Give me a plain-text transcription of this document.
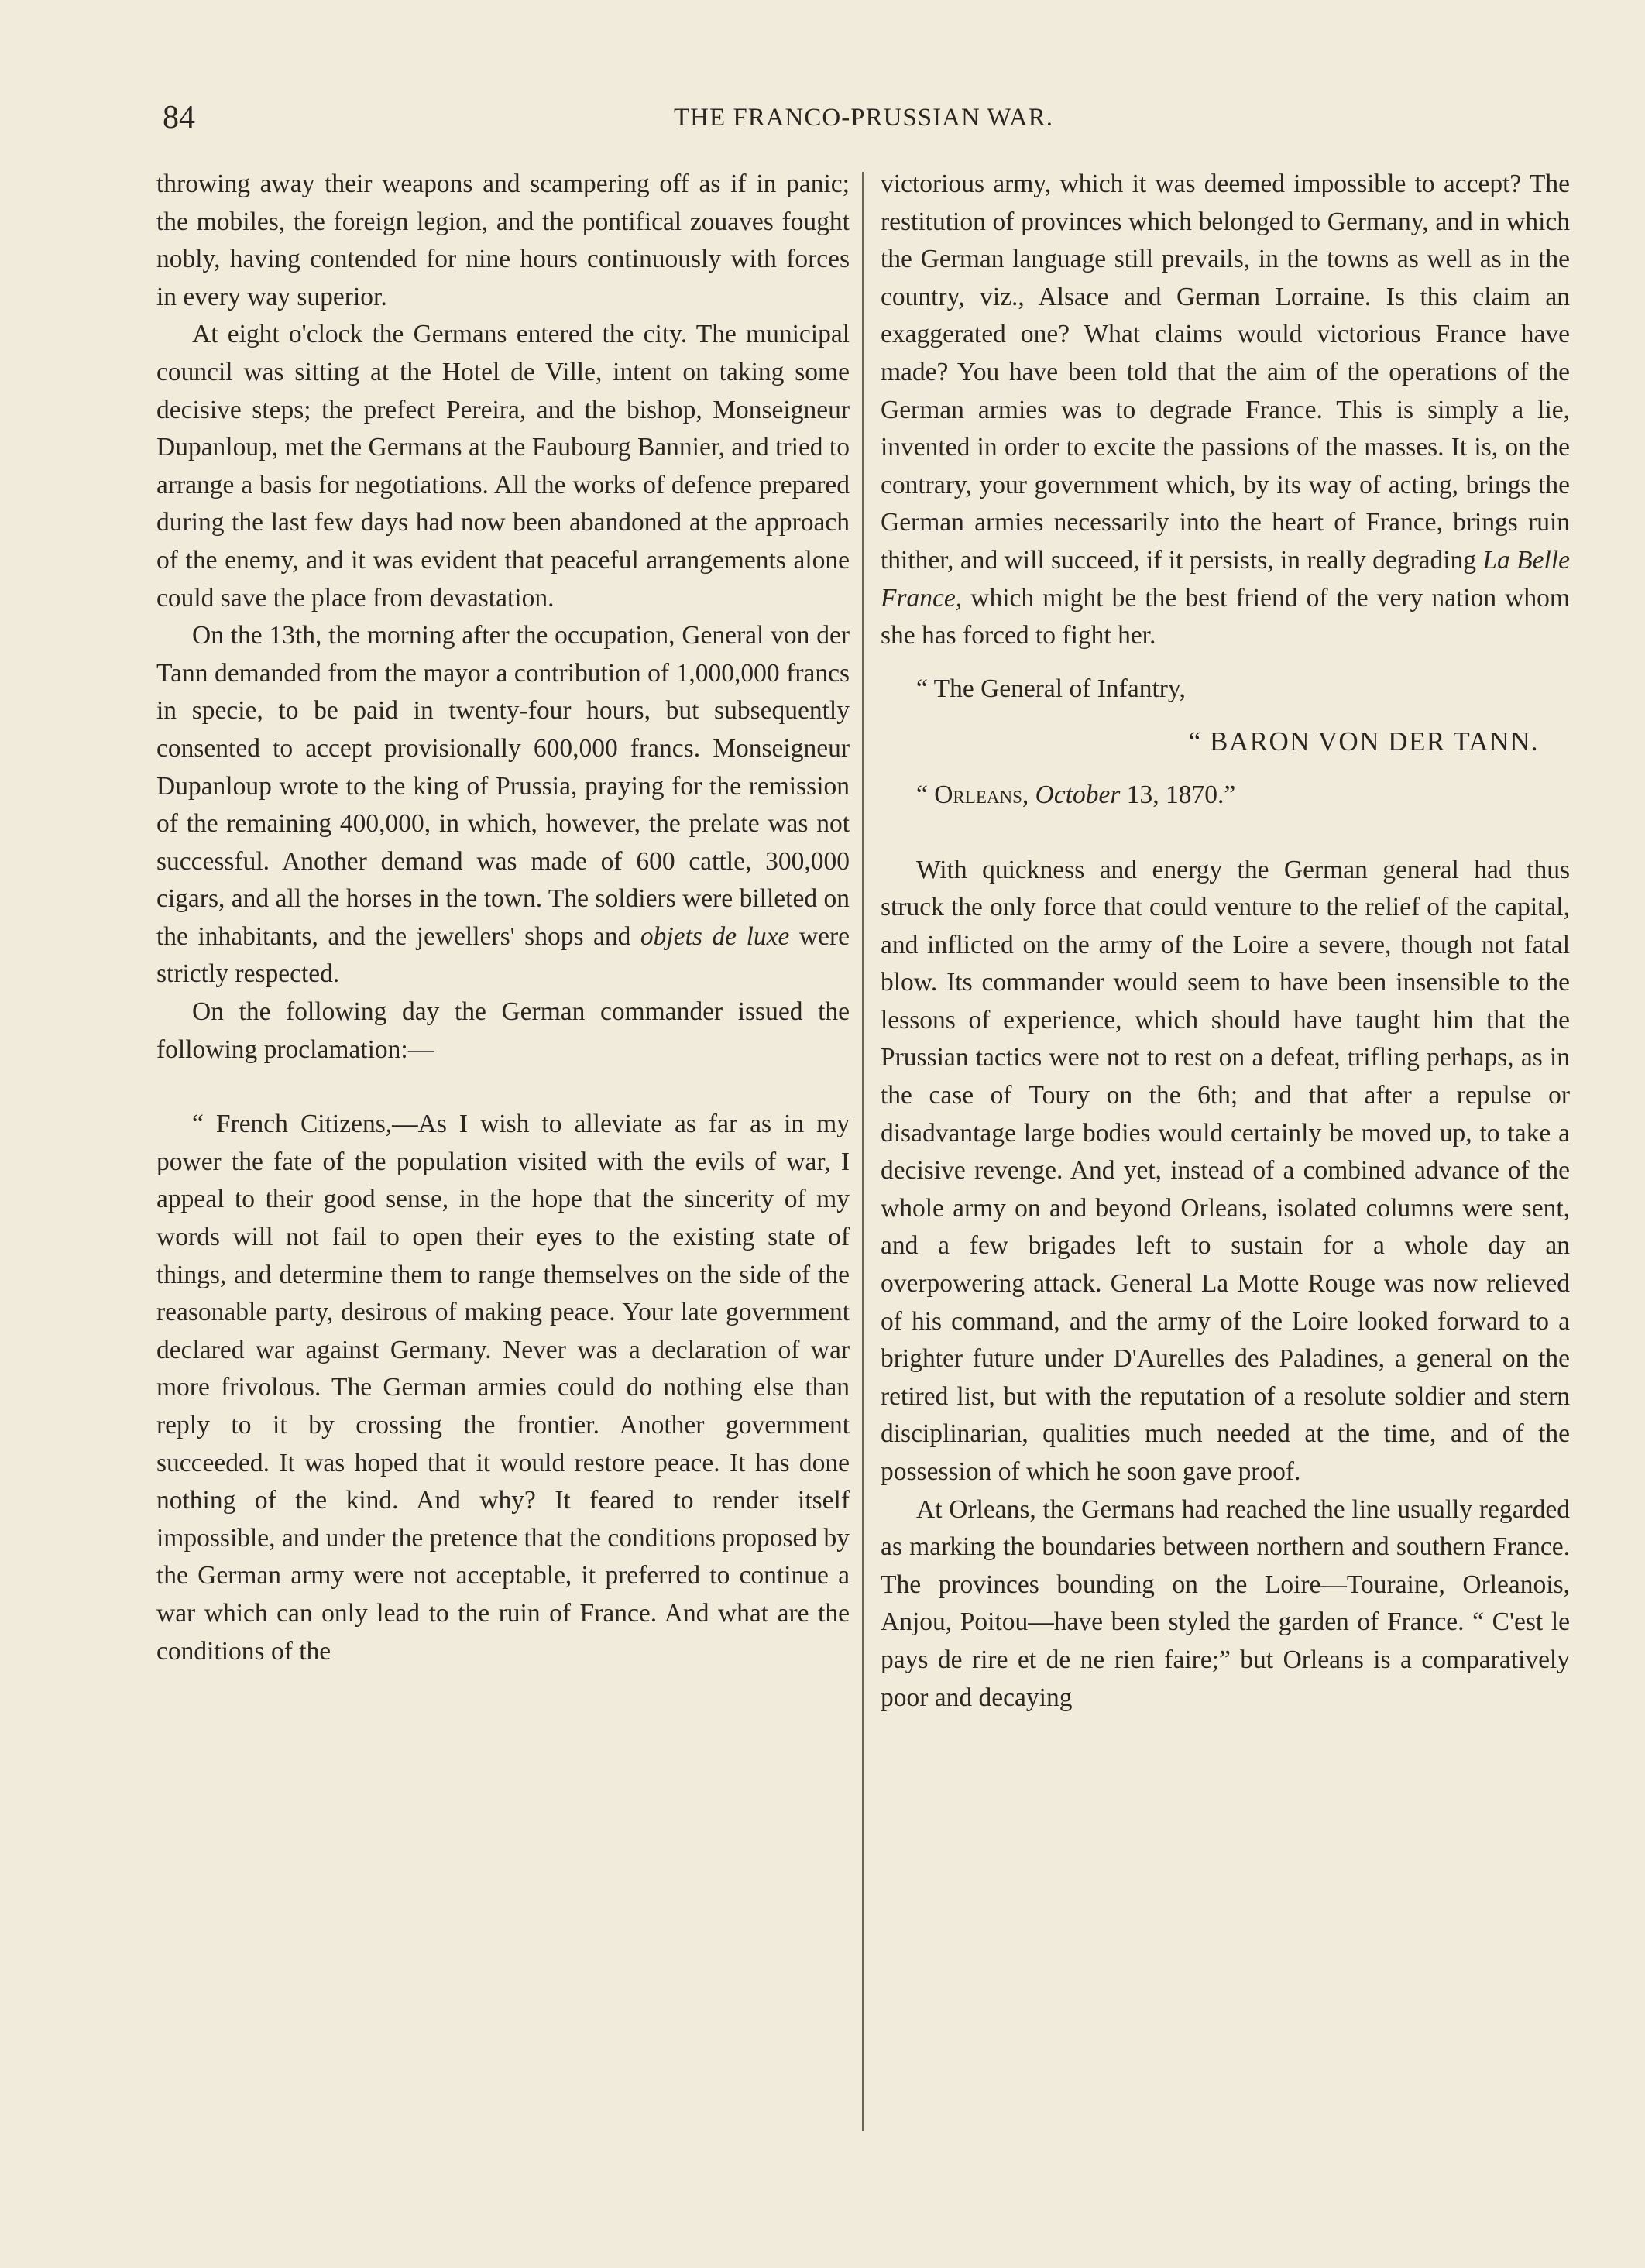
84	THE FRANCO-PRUSSIAN WAR.

throwing away their weapons and scampering off as if in panic; the mobiles, the foreign legion, and the pontifical zouaves fought nobly, having contended for nine hours continuously with forces in every way superior.

At eight o'clock the Germans entered the city. The municipal council was sitting at the Hotel de Ville, intent on taking some decisive steps; the prefect Pereira, and the bishop, Monseigneur Dupanloup, met the Germans at the Faubourg Bannier, and tried to arrange a basis for negotiations. All the works of defence prepared during the last few days had now been abandoned at the approach of the enemy, and it was evident that peaceful arrangements alone could save the place from devastation.

On the 13th, the morning after the occupation, General von der Tann demanded from the mayor a contribution of 1,000,000 francs in specie, to be paid in twenty-four hours, but subsequently consented to accept provisionally 600,000 francs. Monseigneur Dupanloup wrote to the king of Prussia, praying for the remission of the remaining 400,000, in which, however, the prelate was not successful. Another demand was made of 600 cattle, 300,000 cigars, and all the horses in the town. The soldiers were billeted on the inhabitants, and the jewellers' shops and objets de luxe were strictly respected.

On the following day the German commander issued the following proclamation:—

“ French Citizens,—As I wish to alleviate as far as in my power the fate of the population visited with the evils of war, I appeal to their good sense, in the hope that the sincerity of my words will not fail to open their eyes to the existing state of things, and determine them to range themselves on the side of the reasonable party, desirous of making peace. Your late government declared war against Germany. Never was a declaration of war more frivolous. The German armies could do nothing else than reply to it by crossing the frontier. Another government succeeded. It was hoped that it would restore peace. It has done nothing of the kind. And why? It feared to render itself impossible, and under the pretence that the conditions proposed by the German army were not acceptable, it preferred to continue a war which can only lead to the ruin of France. And what are the conditions of the

victorious army, which it was deemed impossible to accept? The restitution of provinces which belonged to Germany, and in which the German language still prevails, in the towns as well as in the country, viz., Alsace and German Lorraine. Is this claim an exaggerated one? What claims would victorious France have made? You have been told that the aim of the operations of the German armies was to degrade France. This is simply a lie, invented in order to excite the passions of the masses. It is, on the contrary, your government which, by its way of acting, brings the German armies necessarily into the heart of France, brings ruin thither, and will succeed, if it persists, in really degrading La Belle France, which might be the best friend of the very nation whom she has forced to fight her.

“ The General of Infantry,

“ BARON VON DER TANN.

“ Orleans, October 13, 1870.”

With quickness and energy the German general had thus struck the only force that could venture to the relief of the capital, and inflicted on the army of the Loire a severe, though not fatal blow. Its commander would seem to have been insensible to the lessons of experience, which should have taught him that the Prussian tactics were not to rest on a defeat, trifling perhaps, as in the case of Toury on the 6th; and that after a repulse or disadvantage large bodies would certainly be moved up, to take a decisive revenge. And yet, instead of a combined advance of the whole army on and beyond Orleans, isolated columns were sent, and a few brigades left to sustain for a whole day an overpowering attack. General La Motte Rouge was now relieved of his command, and the army of the Loire looked forward to a brighter future under D'Aurelles des Paladines, a general on the retired list, but with the reputation of a resolute soldier and stern disciplinarian, qualities much needed at the time, and of the possession of which he soon gave proof.

At Orleans, the Germans had reached the line usually regarded as marking the boundaries between northern and southern France. The provinces bounding on the Loire—Touraine, Orleanois, Anjou, Poitou—have been styled the garden of France. “ C'est le pays de rire et de ne rien faire;” but Orleans is a comparatively poor and decaying
